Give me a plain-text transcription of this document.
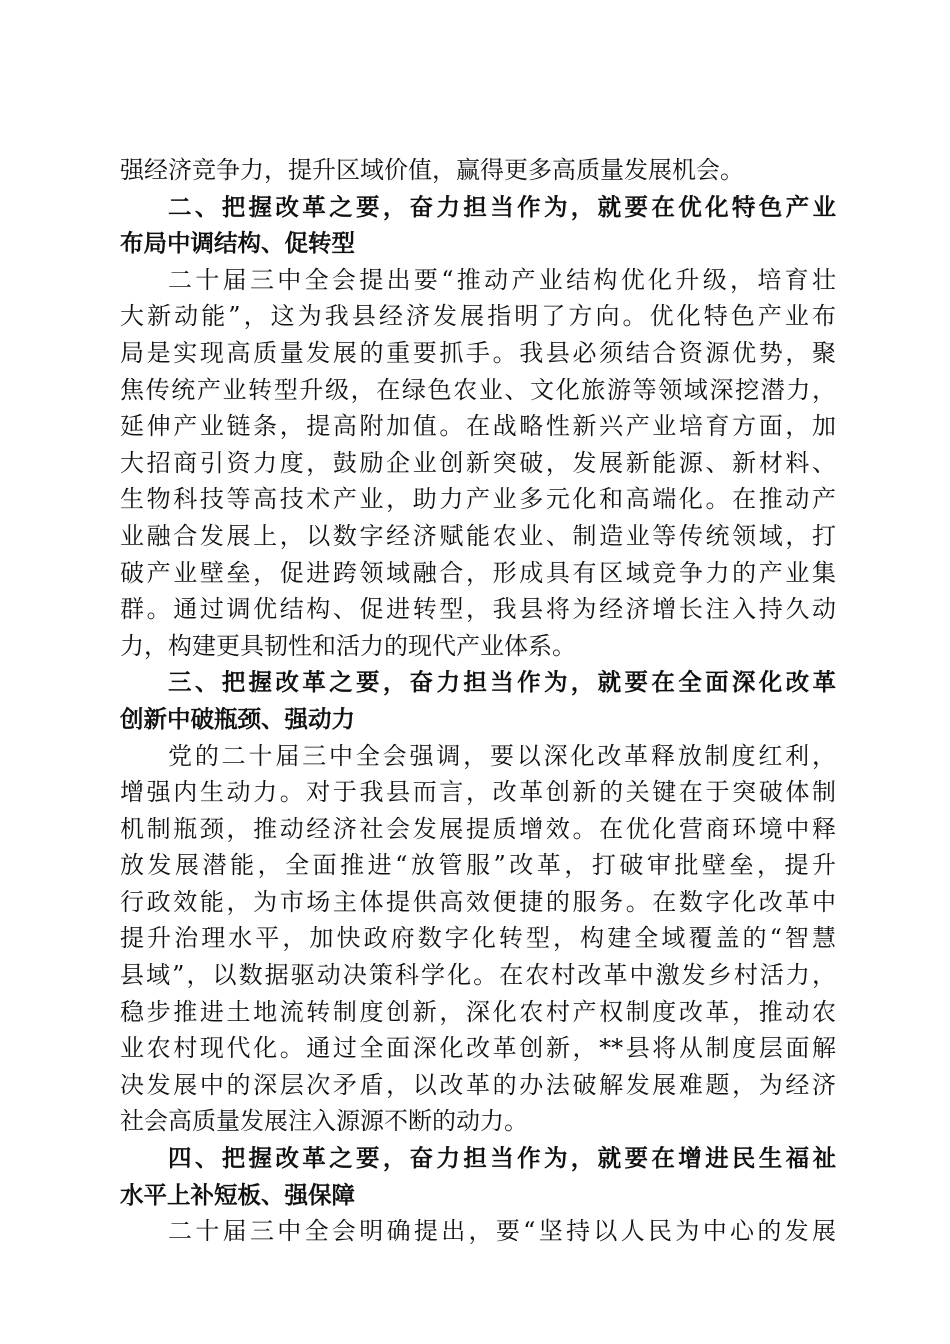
强经济竞争力，提升区域价值，赢得更多高质量发展机会。
二、把握改革之要，奋力担当作为，就要在优化特色产业
布局中调结构、促转型
二十届三中全会提出要“推动产业结构优化升级，培育壮
大新动能”，这为我县经济发展指明了方向。优化特色产业布
局是实现高质量发展的重要抓手。我县必须结合资源优势，聚
焦传统产业转型升级，在绿色农业、文化旅游等领域深挖潜力，
延伸产业链条，提高附加值。在战略性新兴产业培育方面，加
大招商引资力度，鼓励企业创新突破，发展新能源、新材料、
生物科技等高技术产业，助力产业多元化和高端化。在推动产
业融合发展上，以数字经济赋能农业、制造业等传统领域，打
破产业壁垒，促进跨领域融合，形成具有区域竞争力的产业集
群。通过调优结构、促进转型，我县将为经济增长注入持久动
力，构建更具韧性和活力的现代产业体系。
三、把握改革之要，奋力担当作为，就要在全面深化改革
创新中破瓶颈、强动力
党的二十届三中全会强调，要以深化改革释放制度红利，
增强内生动力。对于我县而言，改革创新的关键在于突破体制
机制瓶颈，推动经济社会发展提质增效。在优化营商环境中释
放发展潜能，全面推进“放管服”改革，打破审批壁垒，提升
行政效能，为市场主体提供高效便捷的服务。在数字化改革中
提升治理水平，加快政府数字化转型，构建全域覆盖的“智慧
县域”，以数据驱动决策科学化。在农村改革中激发乡村活力，
稳步推进土地流转制度创新，深化农村产权制度改革，推动农
业农村现代化。通过全面深化改革创新，**县将从制度层面解
决发展中的深层次矛盾，以改革的办法破解发展难题，为经济
社会高质量发展注入源源不断的动力。
四、把握改革之要，奋力担当作为，就要在增进民生福祉
水平上补短板、强保障
二十届三中全会明确提出，要“坚持以人民为中心的发展
